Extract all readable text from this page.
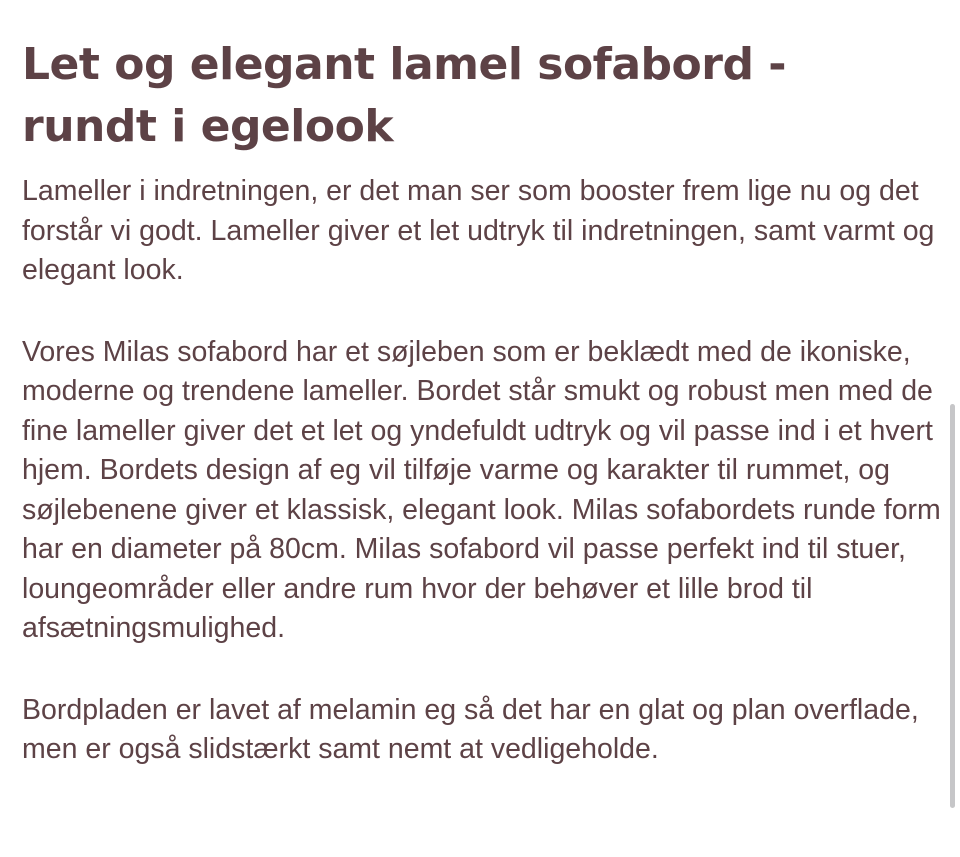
Let og elegant lamel sofabord - rundt i egelook

Lameller i indretningen, er det man ser som booster frem lige nu og det forstår vi godt. Lameller giver et let udtryk til indretningen, samt varmt og elegant look.

Vores Milas sofabord har et søjleben som er beklædt med de ikoniske, moderne og trendene lameller. Bordet står smukt og robust men med de fine lameller giver det et let og yndefuldt udtryk og vil passe ind i et hvert hjem. Bordets design af eg vil tilføje varme og karakter til rummet, og søjlebenene giver et klassisk, elegant look. Milas sofabordets runde form har en diameter på 80cm. Milas sofabord vil passe perfekt ind til stuer, loungeområder eller andre rum hvor der behøver et lille brod til afsætningsmulighed.

Bordpladen er lavet af melamin eg så det har en glat og plan overflade, men er også slidstærkt samt nemt at vedligeholde.
